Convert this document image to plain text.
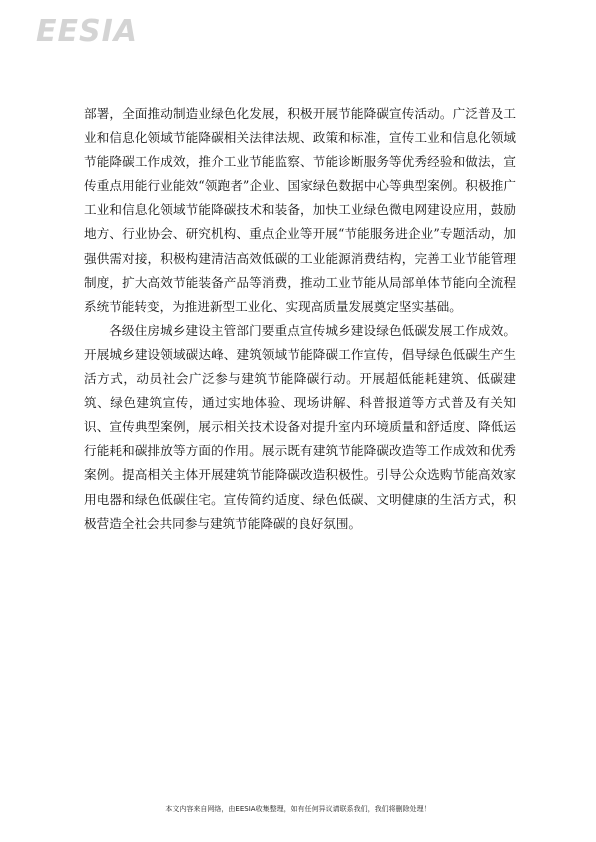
EESIA

部署，全面推动制造业绿色化发展，积极开展节能降碳宣传活动。广泛普及工业和信息化领域节能降碳相关法律法规、政策和标准，宣传工业和信息化领域节能降碳工作成效，推介工业节能监察、节能诊断服务等优秀经验和做法，宣传重点用能行业能效“领跑者”企业、国家绿色数据中心等典型案例。积极推广工业和信息化领域节能降碳技术和装备，加快工业绿色微电网建设应用，鼓励地方、行业协会、研究机构、重点企业等开展“节能服务进企业”专题活动，加强供需对接，积极构建清洁高效低碳的工业能源消费结构，完善工业节能管理制度，扩大高效节能装备产品等消费，推动工业节能从局部单体节能向全流程系统节能转变，为推进新型工业化、实现高质量发展奠定坚实基础。

各级住房城乡建设主管部门要重点宣传城乡建设绿色低碳发展工作成效。开展城乡建设领域碳达峰、建筑领域节能降碳工作宣传，倡导绿色低碳生产生活方式，动员社会广泛参与建筑节能降碳行动。开展超低能耗建筑、低碳建筑、绿色建筑宣传，通过实地体验、现场讲解、科普报道等方式普及有关知识、宣传典型案例，展示相关技术设备对提升室内环境质量和舒适度、降低运行能耗和碳排放等方面的作用。展示既有建筑节能降碳改造等工作成效和优秀案例。提高相关主体开展建筑节能降碳改造积极性。引导公众选购节能高效家用电器和绿色低碳住宅。宣传简约适度、绿色低碳、文明健康的生活方式，积极营造全社会共同参与建筑节能降碳的良好氛围。

本文内容来自网络，由EESIA收集整理，如有任何异议请联系我们，我们将删除处理！
